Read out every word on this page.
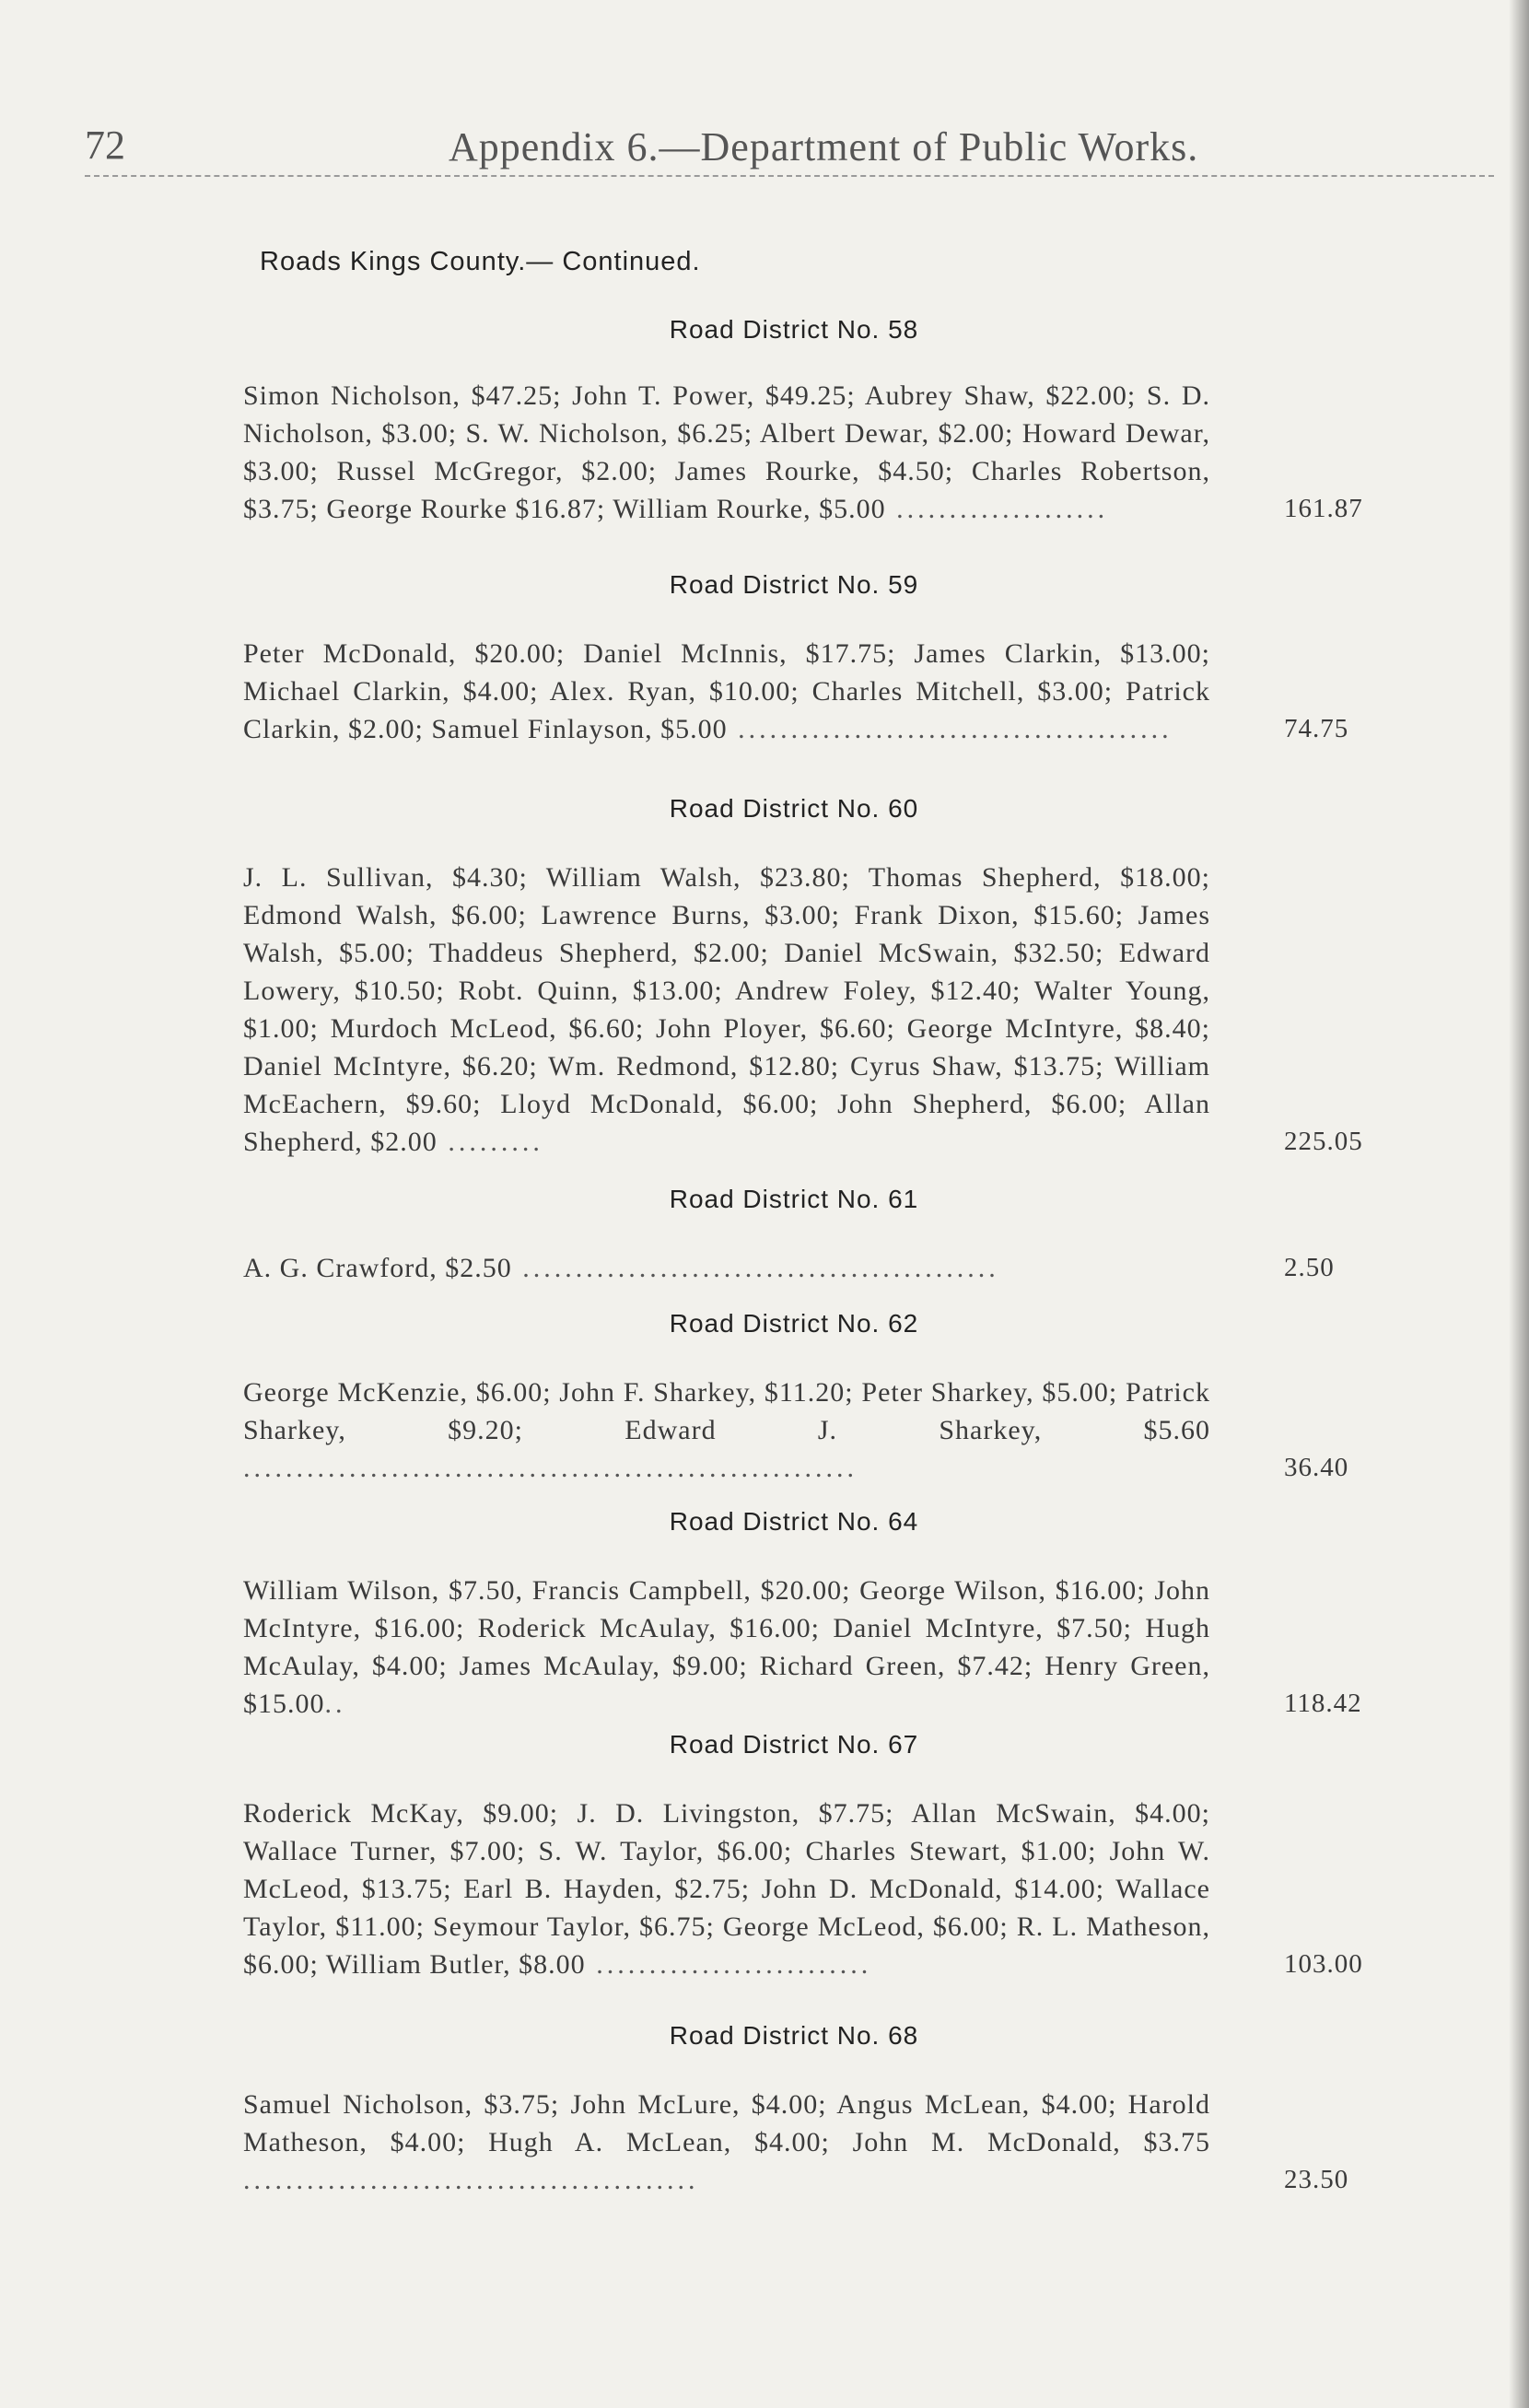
72	Appendix 6.—Department of Public Works.
Roads Kings County.— Continued.
Road District No. 58
Simon Nicholson, $47.25; John T. Power, $49.25; Aubrey Shaw, $22.00; S. D. Nicholson, $3.00; S. W. Nicholson, $6.25; Albert Dewar, $2.00; Howard Dewar, $3.00; Russel McGregor, $2.00; James Rourke, $4.50; Charles Robertson, $3.75; George Rourke $16.87; William Rourke, $5.00 ....................	161.87
Road District No. 59
Peter McDonald, $20.00; Daniel McInnis, $17.75; James Clarkin, $13.00; Michael Clarkin, $4.00; Alex. Ryan, $10.00; Charles Mitchell, $3.00; Patrick Clarkin, $2.00; Samuel Finlayson, $5.00 .........................................	74.75
Road District No. 60
J. L. Sullivan, $4.30; William Walsh, $23.80; Thomas Shepherd, $18.00; Edmond Walsh, $6.00; Lawrence Burns, $3.00; Frank Dixon, $15.60; James Walsh, $5.00; Thaddeus Shepherd, $2.00; Daniel McSwain, $32.50; Edward Lowery, $10.50; Robt. Quinn, $13.00; Andrew Foley, $12.40; Walter Young, $1.00; Murdoch McLeod, $6.60; John Ployer, $6.60; George McIntyre, $8.40; Daniel McIntyre, $6.20; Wm. Redmond, $12.80; Cyrus Shaw, $13.75; William McEachern, $9.60; Lloyd McDonald, $6.00; John Shepherd, $6.00; Allan Shepherd, $2.00 .........	225.05
Road District No. 61
A. G. Crawford, $2.50 .............................................	2.50
Road District No. 62
George McKenzie, $6.00; John F. Sharkey, $11.20; Peter Sharkey, $5.00; Patrick Sharkey, $9.20; Edward J. Sharkey, $5.60 ..........................................................	36.40
Road District No. 64
William Wilson, $7.50, Francis Campbell, $20.00; George Wilson, $16.00; John McIntyre, $16.00; Roderick McAulay, $16.00; Daniel McIntyre, $7.50; Hugh McAulay, $4.00; James McAulay, $9.00; Richard Green, $7.42; Henry Green, $15.00..	118.42
Road District No. 67
Roderick McKay, $9.00; J. D. Livingston, $7.75; Allan McSwain, $4.00; Wallace Turner, $7.00; S. W. Taylor, $6.00; Charles Stewart, $1.00; John W. McLeod, $13.75; Earl B. Hayden, $2.75; John D. McDonald, $14.00; Wallace Taylor, $11.00; Seymour Taylor, $6.75; George McLeod, $6.00; R. L. Matheson, $6.00; William Butler, $8.00 ..........................	103.00
Road District No. 68
Samuel Nicholson, $3.75; John McLure, $4.00; Angus McLean, $4.00; Harold Matheson, $4.00; Hugh A. McLean, $4.00; John M. McDonald, $3.75 ...........................................	23.50
